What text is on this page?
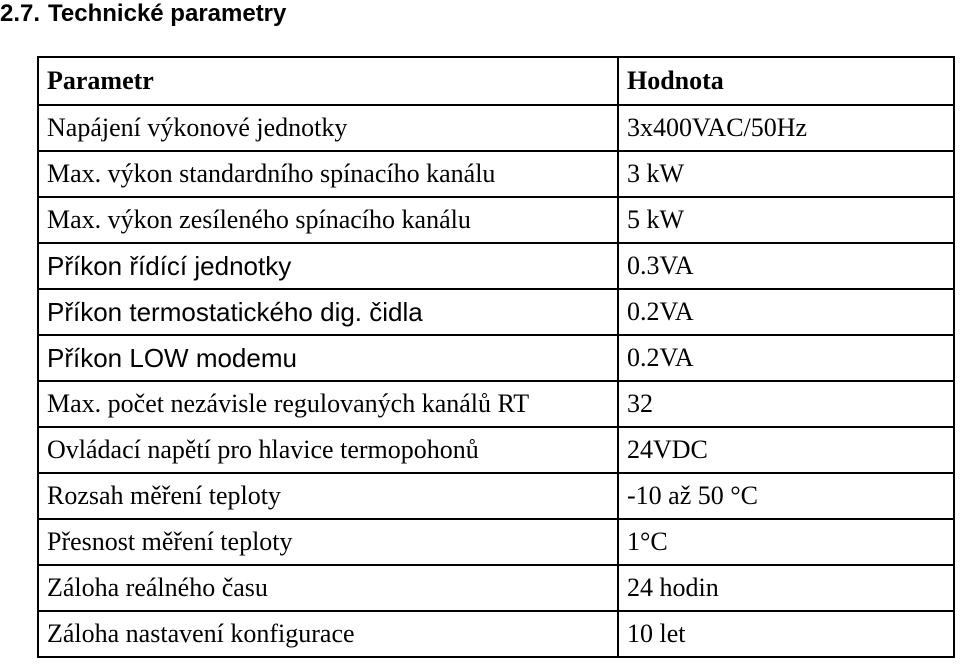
2.7. Technické parametry
Parametr	Hodnota
Napájení výkonové jednotky	3x400VAC/50Hz
Max. výkon standardního spínacího kanálu	3 kW
Max. výkon zesíleného spínacího kanálu	5 kW
Příkon řídící jednotky	0.3VA
Příkon termostatického dig. čidla	0.2VA
Příkon LOW modemu	0.2VA
Max. počet nezávisle regulovaných kanálů RT	32
Ovládací napětí pro hlavice termopohonů	24VDC
Rozsah měření teploty	-10 až 50 °C
Přesnost měření teploty	1°C
Záloha reálného času	24 hodin
Záloha nastavení konfigurace	10 let
